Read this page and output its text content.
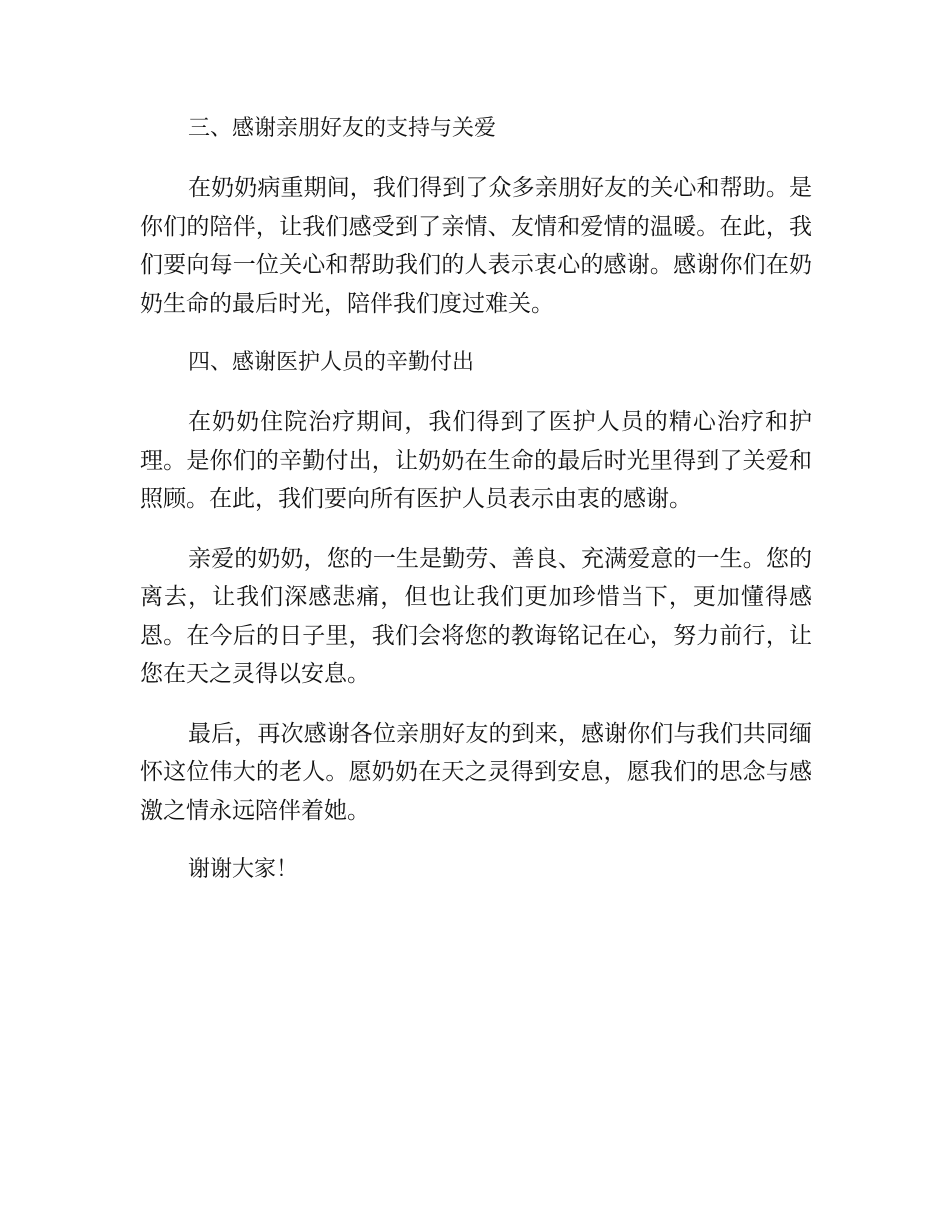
三、感谢亲朋好友的支持与关爱

在奶奶病重期间，我们得到了众多亲朋好友的关心和帮助。是你们的陪伴，让我们感受到了亲情、友情和爱情的温暖。在此，我们要向每一位关心和帮助我们的人表示衷心的感谢。感谢你们在奶奶生命的最后时光，陪伴我们度过难关。

四、感谢医护人员的辛勤付出

在奶奶住院治疗期间，我们得到了医护人员的精心治疗和护理。是你们的辛勤付出，让奶奶在生命的最后时光里得到了关爱和照顾。在此，我们要向所有医护人员表示由衷的感谢。

亲爱的奶奶，您的一生是勤劳、善良、充满爱意的一生。您的离去，让我们深感悲痛，但也让我们更加珍惜当下，更加懂得感恩。在今后的日子里，我们会将您的教诲铭记在心，努力前行，让您在天之灵得以安息。

最后，再次感谢各位亲朋好友的到来，感谢你们与我们共同缅怀这位伟大的老人。愿奶奶在天之灵得到安息，愿我们的思念与感激之情永远陪伴着她。

谢谢大家！
